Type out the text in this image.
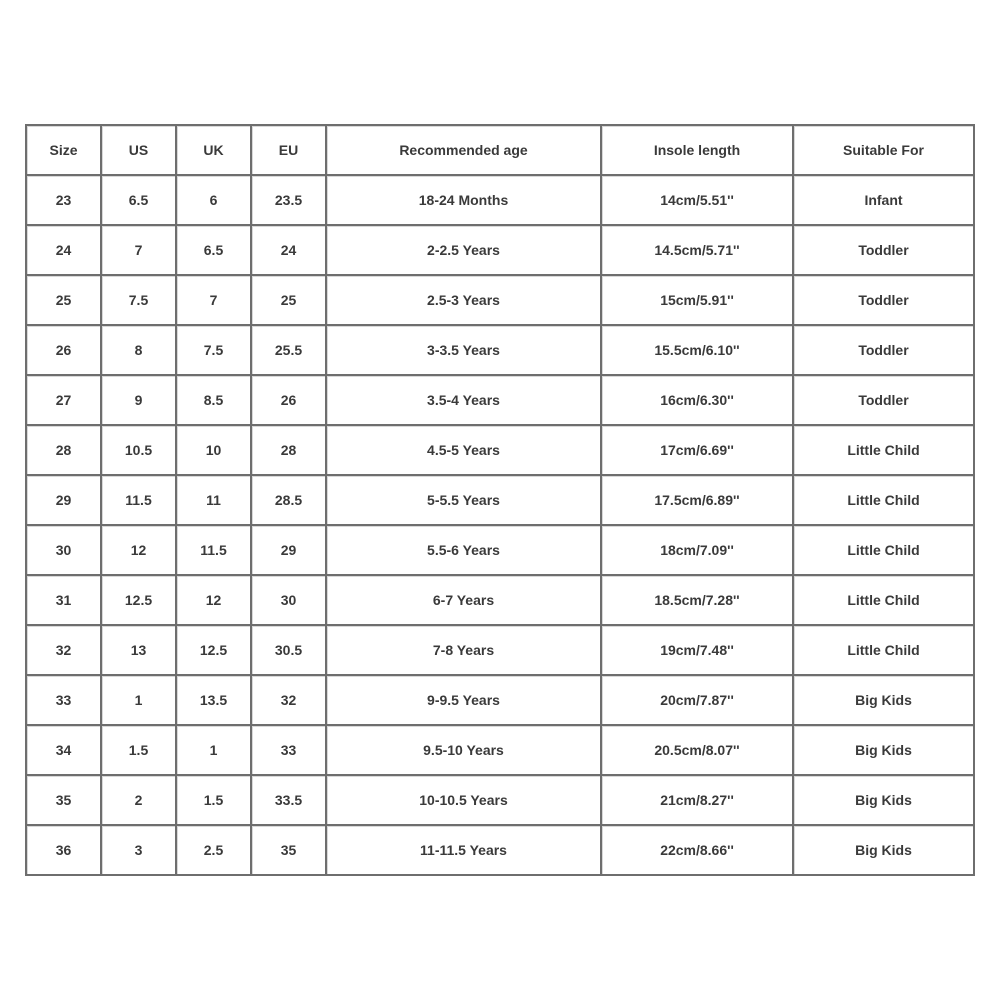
Size	US	UK	EU	Recommended age	Insole length	Suitable For
23	6.5	6	23.5	18-24 Months	14cm/5.51''	Infant
24	7	6.5	24	2-2.5 Years	14.5cm/5.71''	Toddler
25	7.5	7	25	2.5-3 Years	15cm/5.91''	Toddler
26	8	7.5	25.5	3-3.5 Years	15.5cm/6.10''	Toddler
27	9	8.5	26	3.5-4 Years	16cm/6.30''	Toddler
28	10.5	10	28	4.5-5 Years	17cm/6.69''	Little Child
29	11.5	11	28.5	5-5.5 Years	17.5cm/6.89''	Little Child
30	12	11.5	29	5.5-6 Years	18cm/7.09''	Little Child
31	12.5	12	30	6-7 Years	18.5cm/7.28''	Little Child
32	13	12.5	30.5	7-8 Years	19cm/7.48''	Little Child
33	1	13.5	32	9-9.5 Years	20cm/7.87''	Big Kids
34	1.5	1	33	9.5-10 Years	20.5cm/8.07''	Big Kids
35	2	1.5	33.5	10-10.5 Years	21cm/8.27''	Big Kids
36	3	2.5	35	11-11.5 Years	22cm/8.66''	Big Kids
